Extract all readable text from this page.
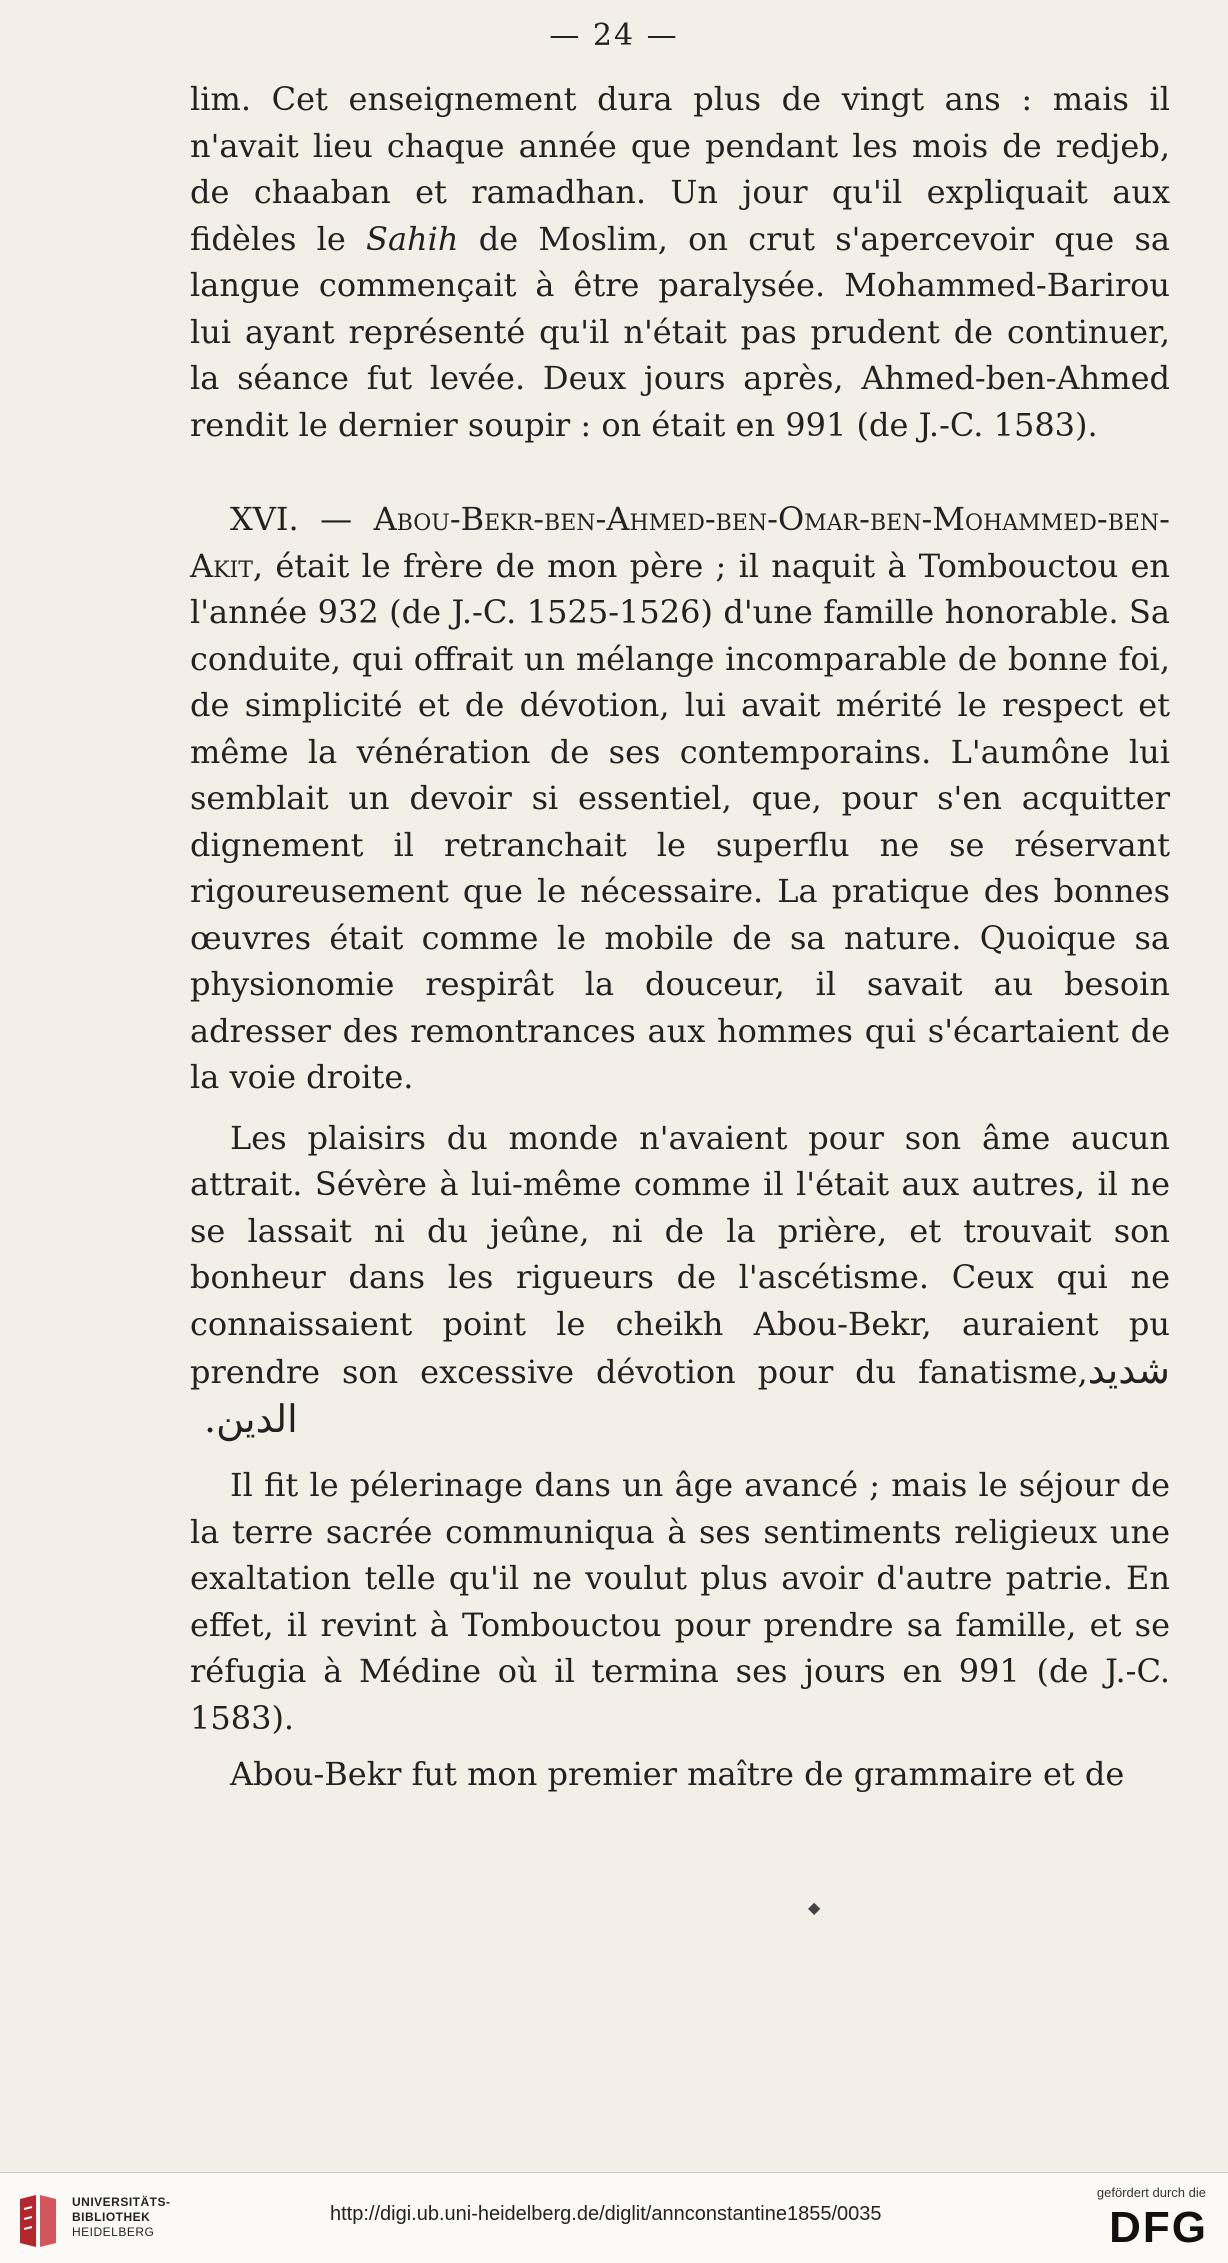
— 24 —

lim. Cet enseignement dura plus de vingt ans : mais il n'avait lieu chaque année que pendant les mois de redjeb, de chaaban et ramadhan. Un jour qu'il expliquait aux fidèles le Sahih de Moslim, on crut s'apercevoir que sa langue commençait à être paralysée. Mohammed-Barirou lui ayant représenté qu'il n'était pas prudent de continuer, la séance fut levée. Deux jours après, Ahmed-ben-Ahmed rendit le dernier soupir : on était en 991 (de J.-C. 1583).

XVI. — Abou-Bekr-ben-Ahmed-ben-Omar-ben-Mohammed-ben-Akit, était le frère de mon père ; il naquit à Tombouctou en l'année 932 (de J.-C. 1525-1526) d'une famille honorable. Sa conduite, qui offrait un mélange incomparable de bonne foi, de simplicité et de dévotion, lui avait mérité le respect et même la vénération de ses contemporains. L'aumône lui semblait un devoir si essentiel, que, pour s'en acquitter dignement il retranchait le superflu ne se réservant rigoureusement que le nécessaire. La pratique des bonnes œuvres était comme le mobile de sa nature. Quoique sa physionomie respirât la douceur, il savait au besoin adresser des remontrances aux hommes qui s'écartaient de la voie droite.

Les plaisirs du monde n'avaient pour son âme aucun attrait. Sévère à lui-même comme il l'était aux autres, il ne se lassait ni du jeûne, ni de la prière, et trouvait son bonheur dans les rigueurs de l'ascétisme. Ceux qui ne connaissaient point le cheikh Abou-Bekr, auraient pu prendre son excessive dévotion pour du fanatisme,شديد الدين.

Il fit le pélerinage dans un âge avancé ; mais le séjour de la terre sacrée communiqua à ses sentiments religieux une exaltation telle qu'il ne voulut plus avoir d'autre patrie. En effet, il revint à Tombouctou pour prendre sa famille, et se réfugia à Médine où il termina ses jours en 991 (de J.-C. 1583).

Abou-Bekr fut mon premier maître de grammaire et de

◆
UNIVERSITÄTS-
BIBLIOTHEK
HEIDELBERG
http://digi.ub.uni-heidelberg.de/diglit/annconstantine1855/0035
gefördert durch die
DFG
